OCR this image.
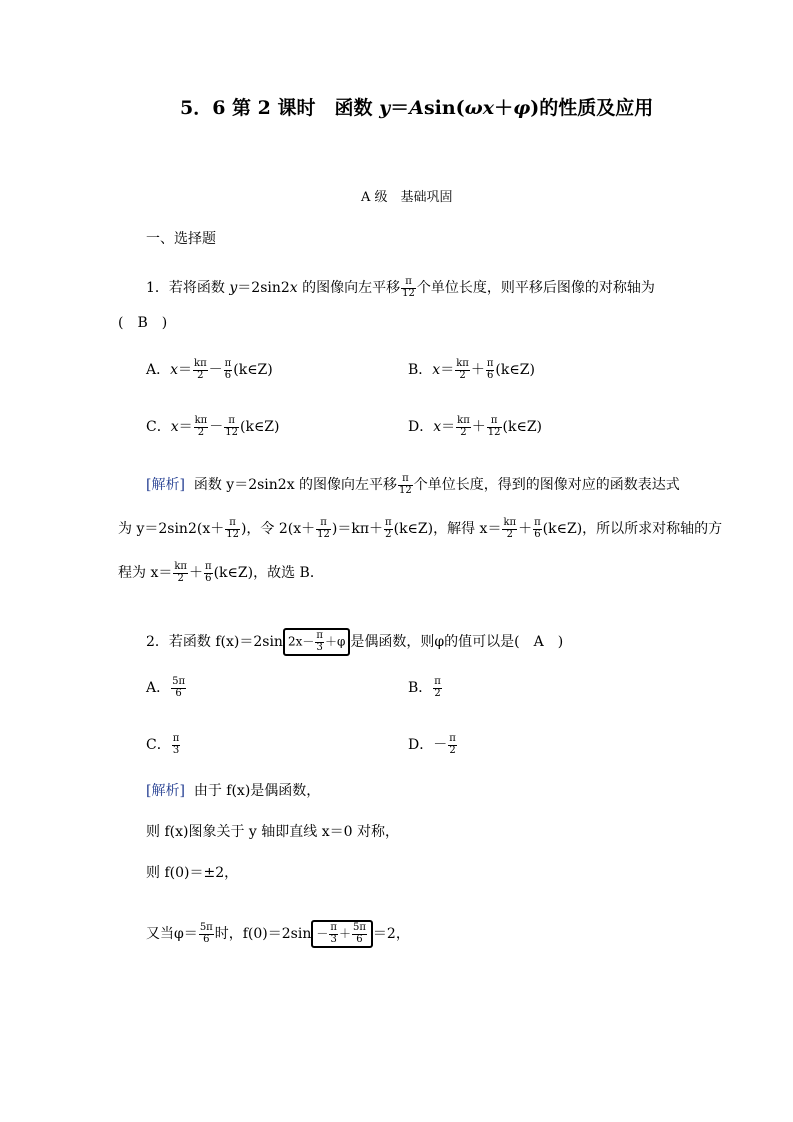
5．6 第 2 课时　函数 y＝Asin(ωx＋φ)的性质及应用
A 级　基础巩固
一、选择题
1．若将函数 y＝2sin2x 的图像向左平移 $\frac{\pi}{12}$ 个单位长度，则平移后图像的对称轴为
(　B　)
A．$x= \frac{k\pi}{2} - \frac{\pi}{6}$ (k∈Z)	B．$x= \frac{k\pi}{2} + \frac{\pi}{6}$ (k∈Z)
C．$x= \frac{k\pi}{2} - \frac{\pi}{12}$ (k∈Z)	D．$x= \frac{k\pi}{2} + \frac{\pi}{12}$ (k∈Z)
[解析] 函数 y＝2sin2x 的图像向左平移 $\frac{\pi}{12}$ 个单位长度，得到的图像对应的函数表达式
为 $y=2\sin 2(x+ \frac{\pi}{12}$ )，令 $2(x+ \frac{\pi}{12} )=k\pi+ \frac{\pi}{2}$ (k∈Z)，解得 $x= \frac{k\pi}{2} + \frac{\pi}{6}$ (k∈Z)，所以所求对称轴的方
程为 $x= \frac{k\pi}{2} + \frac{\pi}{6}$ (k∈Z)，故选 B．
2．若函数 f(x)＝2sin $2x- \frac{\pi}{3} +\varphi$ 是偶函数，则φ的值可以是(　A　)
A． $\frac{5\pi}{6}$	B． $\frac{\pi}{2}$
C． $\frac{\pi}{3}$	D．－ $\frac{\pi}{2}$
[解析] 由于 f(x)是偶函数，
则 f(x)图象关于 y 轴即直线 x＝0 对称，
则 f(0)＝±2，
又当$\varphi= \frac{5\pi}{6}$ 时，$f(0)=2\sin - \frac{\pi}{3} + \frac{5\pi}{6} =2$，
